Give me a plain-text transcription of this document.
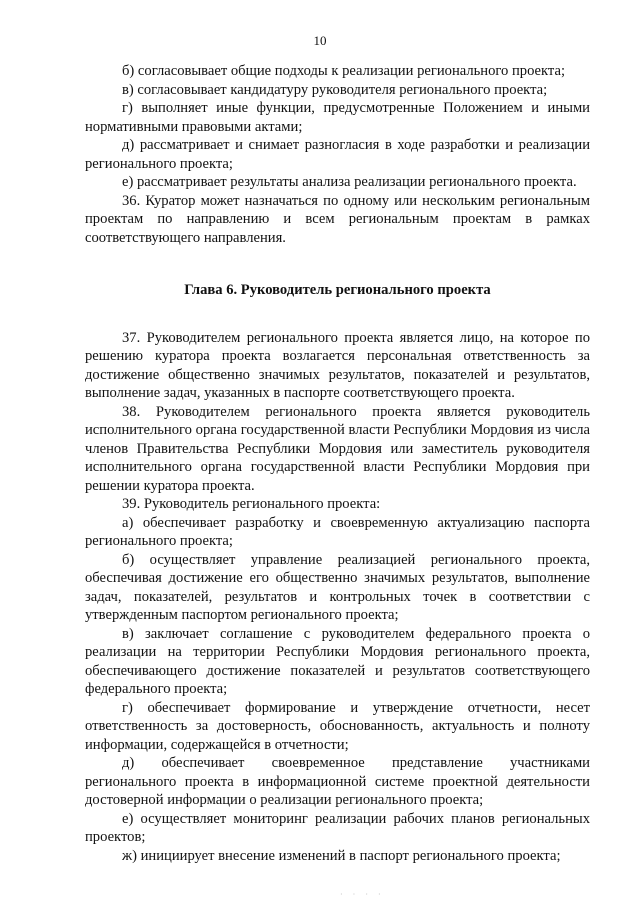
10

б) согласовывает общие подходы к реализации регионального проекта;

в) согласовывает кандидатуру руководителя регионального проекта;

г) выполняет иные функции, предусмотренные Положением и иными нормативными правовыми актами;

д) рассматривает и снимает разногласия в ходе разработки и реализации регионального проекта;

е) рассматривает результаты анализа реализации регионального проекта.

36. Куратор может назначаться по одному или нескольким региональным проектам по направлению и всем региональным проектам в рамках соответствующего направления.

Глава 6. Руководитель регионального проекта

37. Руководителем регионального проекта является лицо, на которое по решению куратора проекта возлагается персональная ответственность за достижение общественно значимых результатов, показателей и результатов, выполнение задач, указанных в паспорте соответствующего проекта.

38. Руководителем регионального проекта является руководитель исполнительного органа государственной власти Республики Мордовия из числа членов Правительства Республики Мордовия или заместитель руководителя исполнительного органа государственной власти Республики Мордовия при решении куратора проекта.

39. Руководитель регионального проекта:

а) обеспечивает разработку и своевременную актуализацию паспорта регионального проекта;

б) осуществляет управление реализацией регионального проекта, обеспечивая достижение его общественно значимых результатов, выполнение задач, показателей, результатов и контрольных точек в соответствии с утвержденным паспортом регионального проекта;

в) заключает соглашение с руководителем федерального проекта о реализации на территории Республики Мордовия регионального проекта, обеспечивающего достижение показателей и результатов соответствующего федерального проекта;

г) обеспечивает формирование и утверждение отчетности, несет ответственность за достоверность, обоснованность, актуальность и полноту информации, содержащейся в отчетности;

д) обеспечивает своевременное представление участниками регионального проекта в информационной системе проектной деятельности достоверной информации о реализации регионального проекта;

е) осуществляет мониторинг реализации рабочих планов региональных проектов;

ж) инициирует внесение изменений в паспорт регионального проекта;

· · · ·
